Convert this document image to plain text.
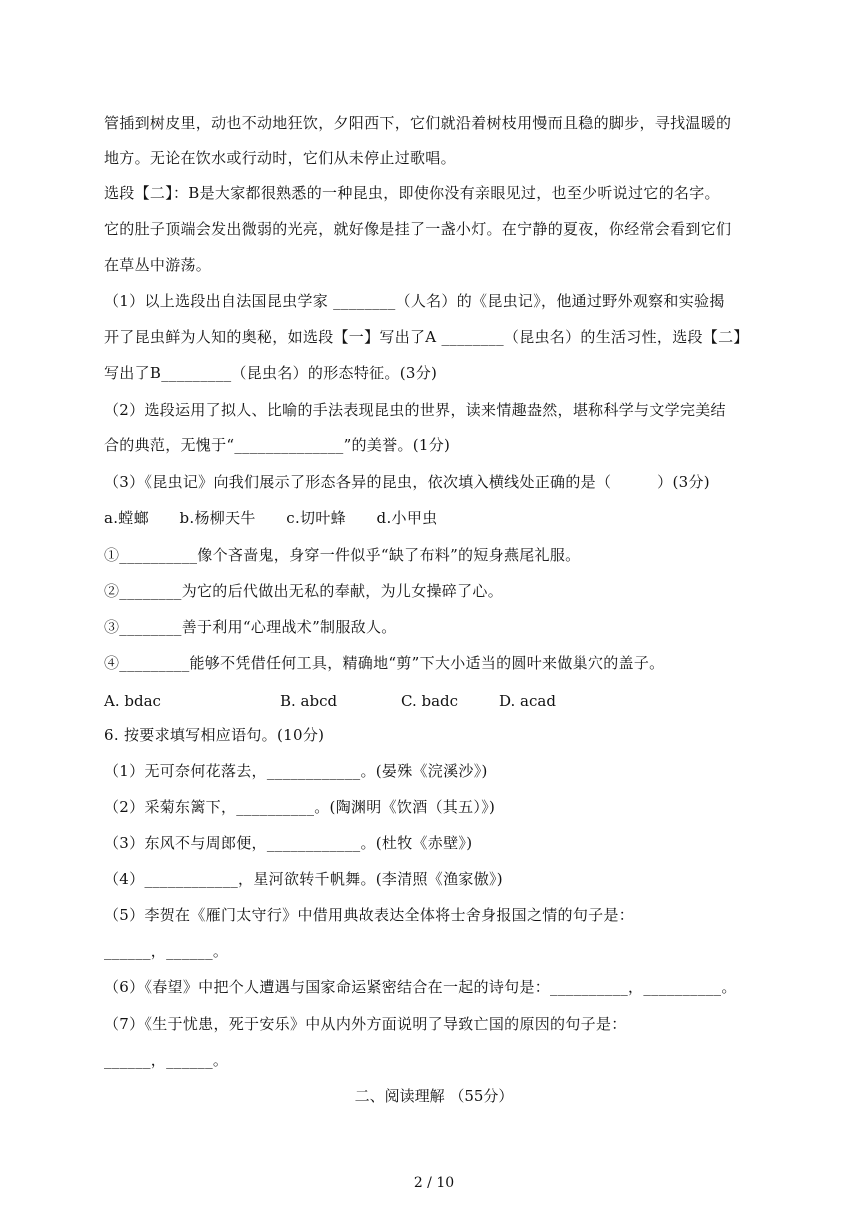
管插到树皮里，动也不动地狂饮，夕阳西下，它们就沿着树枝用慢而且稳的脚步，寻找温暖的
地方。无论在饮水或行动时，它们从未停止过歌唱。
选段【二】：B是大家都很熟悉的一种昆虫，即使你没有亲眼见过，也至少听说过它的名字。
它的肚子顶端会发出微弱的光亮，就好像是挂了一盏小灯。在宁静的夏夜，你经常会看到它们
在草丛中游荡。
（1）以上选段出自法国昆虫学家 ________（人名）的《昆虫记》，他通过野外观察和实验揭
开了昆虫鲜为人知的奥秘，如选段【一】写出了A ________（昆虫名）的生活习性，选段【二】
写出了B_________（昆虫名）的形态特征。(3分)
（2）选段运用了拟人、比喻的手法表现昆虫的世界，读来情趣盎然，堪称科学与文学完美结
合的典范，无愧于“______________”的美誉。(1分)
（3）《昆虫记》向我们展示了形态各异的昆虫，依次填入横线处正确的是（　　　）(3分)
a.螳螂　　b.杨柳天牛　　c.切叶蜂　　d.小甲虫
①__________像个吝啬鬼，身穿一件似乎“缺了布料”的短身燕尾礼服。
②________为它的后代做出无私的奉献，为儿女操碎了心。
③________善于利用“心理战术”制服敌人。
④_________能够不凭借任何工具，精确地“剪”下大小适当的圆叶来做巢穴的盖子。
A. bdac	B. abcd	C. badc	D. acad
6. 按要求填写相应语句。(10分)
（1）无可奈何花落去，____________。(晏殊《浣溪沙》)
（2）采菊东篱下，__________。(陶渊明《饮酒（其五）》)
（3）东风不与周郎便，____________。(杜牧《赤壁》)
（4）____________，星河欲转千帆舞。(李清照《渔家傲》)
（5）李贺在《雁门太守行》中借用典故表达全体将士舍身报国之情的句子是：
______，______。
（6）《春望》中把个人遭遇与国家命运紧密结合在一起的诗句是：__________，__________。
（7）《生于忧患，死于安乐》中从内外方面说明了导致亡国的原因的句子是：
______，______。
二、阅读理解 （55分）
2 / 10
